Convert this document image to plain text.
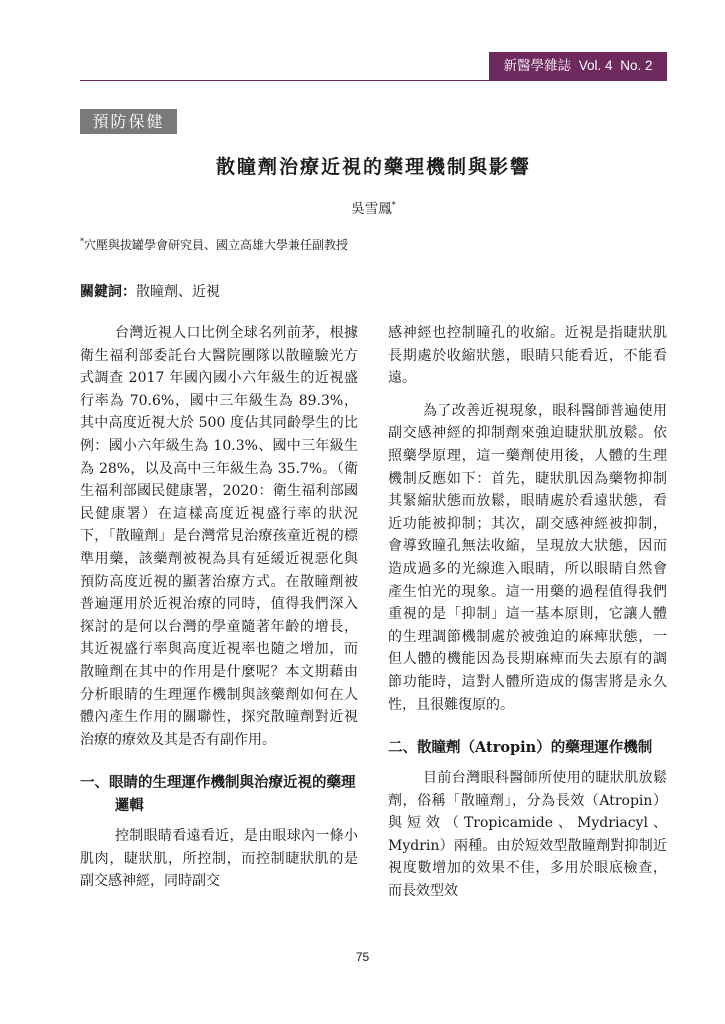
新醫學雜誌 Vol. 4 No. 2
預防保健
散瞳劑治療近視的藥理機制與影響
吳雪鳳*
*穴壓與拔罐學會研究員、國立高雄大學兼任副教授
關鍵詞：散瞳劑、近視

台灣近視人口比例全球名列前茅，根據衛生福利部委託台大醫院團隊以散瞳驗光方式調查 2017 年國內國小六年級生的近視盛行率為 70.6%，國中三年級生為 89.3%，其中高度近視大於 500 度佔其同齡學生的比例：國小六年級生為 10.3%、國中三年級生為 28%，以及高中三年級生為 35.7%。（衛生福利部國民健康署，2020：衛生福利部國民健康署）在這樣高度近視盛行率的狀況下，「散瞳劑」是台灣常見治療孩童近視的標準用藥，該藥劑被視為具有延緩近視惡化與預防高度近視的顯著治療方式。在散瞳劑被普遍運用於近視治療的同時，值得我們深入探討的是何以台灣的學童隨著年齡的增長，其近視盛行率與高度近視率也隨之增加，而散瞳劑在其中的作用是什麼呢？本文期藉由分析眼睛的生理運作機制與該藥劑如何在人體內產生作用的關聯性，探究散瞳劑對近視治療的療效及其是否有副作用。

一、眼睛的生理運作機制與治療近視的藥理邏輯

控制眼睛看遠看近，是由眼球內一條小肌肉，睫狀肌，所控制，而控制睫狀肌的是副交感神經，同時副交

感神經也控制瞳孔的收縮。近視是指睫狀肌長期處於收縮狀態，眼睛只能看近，不能看遠。

為了改善近視現象，眼科醫師普遍使用副交感神經的抑制劑來強迫睫狀肌放鬆。依照藥學原理，這一藥劑使用後，人體的生理機制反應如下：首先，睫狀肌因為藥物抑制其緊縮狀態而放鬆，眼睛處於看遠狀態，看近功能被抑制；其次，副交感神經被抑制，會導致瞳孔無法收縮，呈現放大狀態，因而造成過多的光線進入眼睛，所以眼睛自然會產生怕光的現象。這一用藥的過程值得我們重視的是「抑制」這一基本原則，它讓人體的生理調節機制處於被強迫的麻痺狀態，一但人體的機能因為長期麻痺而失去原有的調節功能時，這對人體所造成的傷害將是永久性，且很難復原的。

二、散瞳劑（Atropin）的藥理運作機制

目前台灣眼科醫師所使用的睫狀肌放鬆劑，俗稱「散瞳劑」，分為長效（Atropin）與短效（Tropicamide、Mydriacyl、Mydrin）兩種。由於短效型散瞳劑對抑制近視度數增加的效果不佳，多用於眼底檢查，而長效型效

75
